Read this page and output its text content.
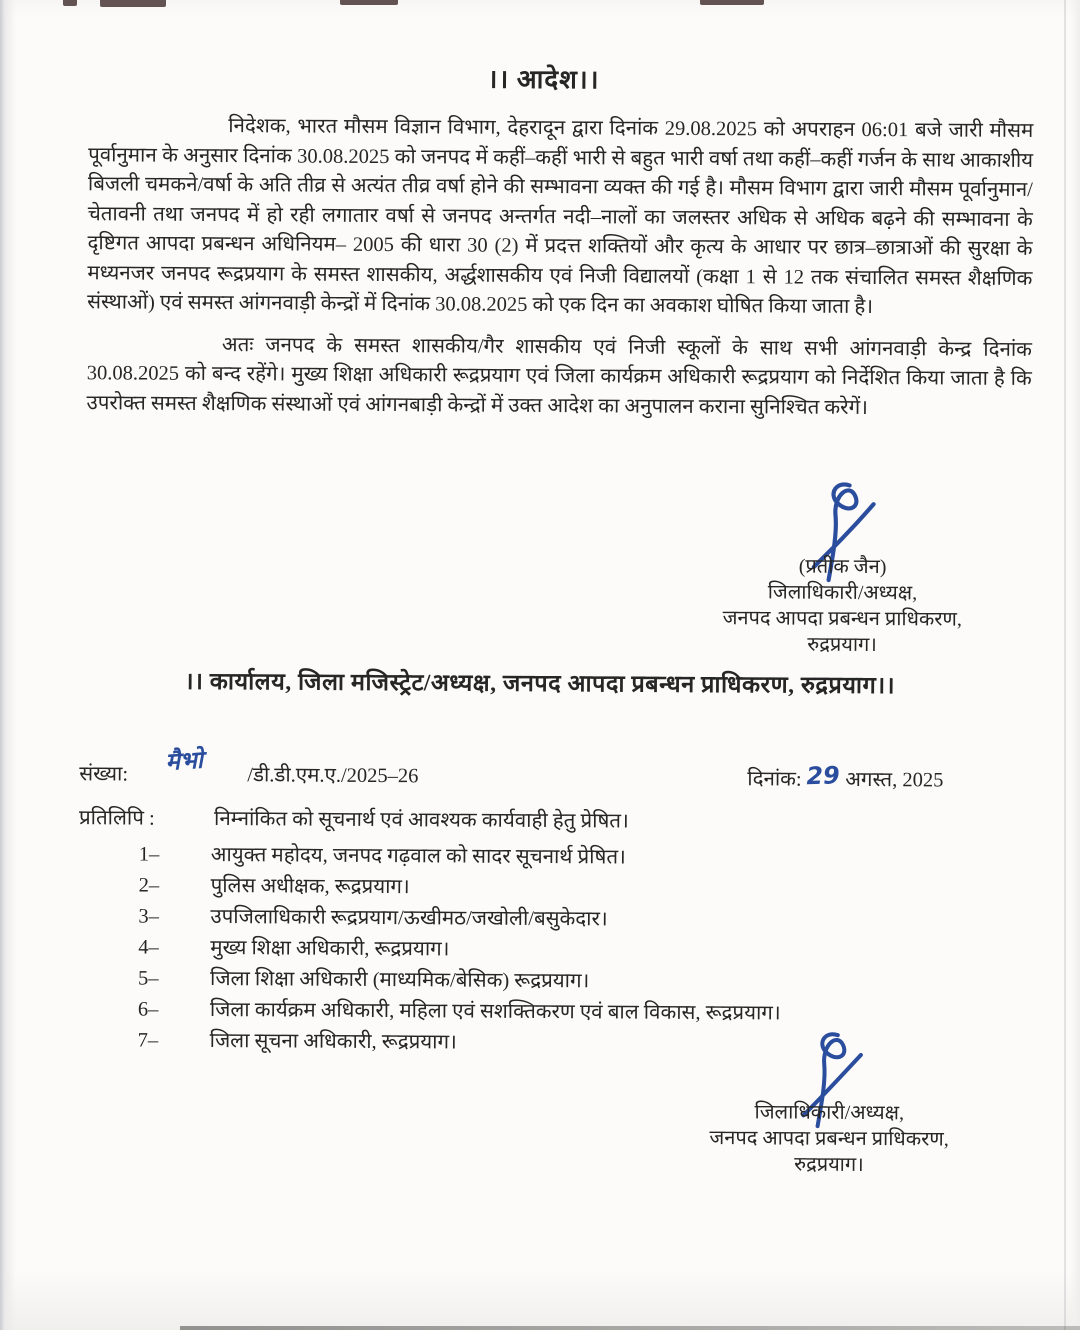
।। आदेश।।
निदेशक, भारत मौसम विज्ञान विभाग, देहरादून द्वारा दिनांक 29.08.2025 को अपराहन 06:01 बजे जारी मौसम पूर्वानुमान के अनुसार दिनांक 30.08.2025 को जनपद में कहीं–कहीं भारी से बहुत भारी वर्षा तथा कहीं–कहीं गर्जन के साथ आकाशीय बिजली चमकने/वर्षा के अति तीव्र से अत्यंत तीव्र वर्षा होने की सम्भावना व्यक्त की गई है। मौसम विभाग द्वारा जारी मौसम पूर्वानुमान/चेतावनी तथा जनपद में हो रही लगातार वर्षा से जनपद अन्तर्गत नदी–नालों का जलस्तर अधिक से अधिक बढ़ने की सम्भावना के दृष्टिगत आपदा प्रबन्धन अधिनियम– 2005 की धारा 30 (2) में प्रदत्त शक्तियों और कृत्य के आधार पर छात्र–छात्राओं की सुरक्षा के मध्यनजर जनपद रूद्रप्रयाग के समस्त शासकीय, अर्द्धशासकीय एवं निजी विद्यालयों (कक्षा 1 से 12 तक संचालित समस्त शैक्षणिक संस्थाओं) एवं समस्त आंगनवाड़ी केन्द्रों में दिनांक 30.08.2025 को एक दिन का अवकाश घोषित किया जाता है।
अतः जनपद के समस्त शासकीय/गैर शासकीय एवं निजी स्कूलों के साथ सभी आंगनवाड़ी केन्द्र दिनांक 30.08.2025 को बन्द रहेंगे। मुख्य शिक्षा अधिकारी रूद्रप्रयाग एवं जिला कार्यक्रम अधिकारी रूद्रप्रयाग को निर्देशित किया जाता है कि उपरोक्त समस्त शैक्षणिक संस्थाओं एवं आंगनबाड़ी केन्द्रों में उक्त आदेश का अनुपालन कराना सुनिश्चित करेगें।
(प्रतीक जैन)
जिलाधिकारी/अध्यक्ष,
जनपद आपदा प्रबन्धन प्राधिकरण,
रुद्रप्रयाग।
।। कार्यालय, जिला मजिस्ट्रेट/अध्यक्ष, जनपद आपदा प्रबन्धन प्राधिकरण, रुद्रप्रयाग।।
संख्या: मैभो /डी.डी.एम.ए./2025–26	दिनांक: 29 अगस्त, 2025
प्रतिलिपि :	निम्नांकित को सूचनार्थ एवं आवश्यक कार्यवाही हेतु प्रेषित।
1–	आयुक्त महोदय, जनपद गढ़वाल को सादर सूचनार्थ प्रेषित।
2–	पुलिस अधीक्षक, रूद्रप्रयाग।
3–	उपजिलाधिकारी रूद्रप्रयाग/ऊखीमठ/जखोली/बसुकेदार।
4–	मुख्य शिक्षा अधिकारी, रूद्रप्रयाग।
5–	जिला शिक्षा अधिकारी (माध्यमिक/बेसिक) रूद्रप्रयाग।
6–	जिला कार्यक्रम अधिकारी, महिला एवं सशक्तिकरण एवं बाल विकास, रूद्रप्रयाग।
7–	जिला सूचना अधिकारी, रूद्रप्रयाग।
जिलाधिकारी/अध्यक्ष,
जनपद आपदा प्रबन्धन प्राधिकरण,
रुद्रप्रयाग।
